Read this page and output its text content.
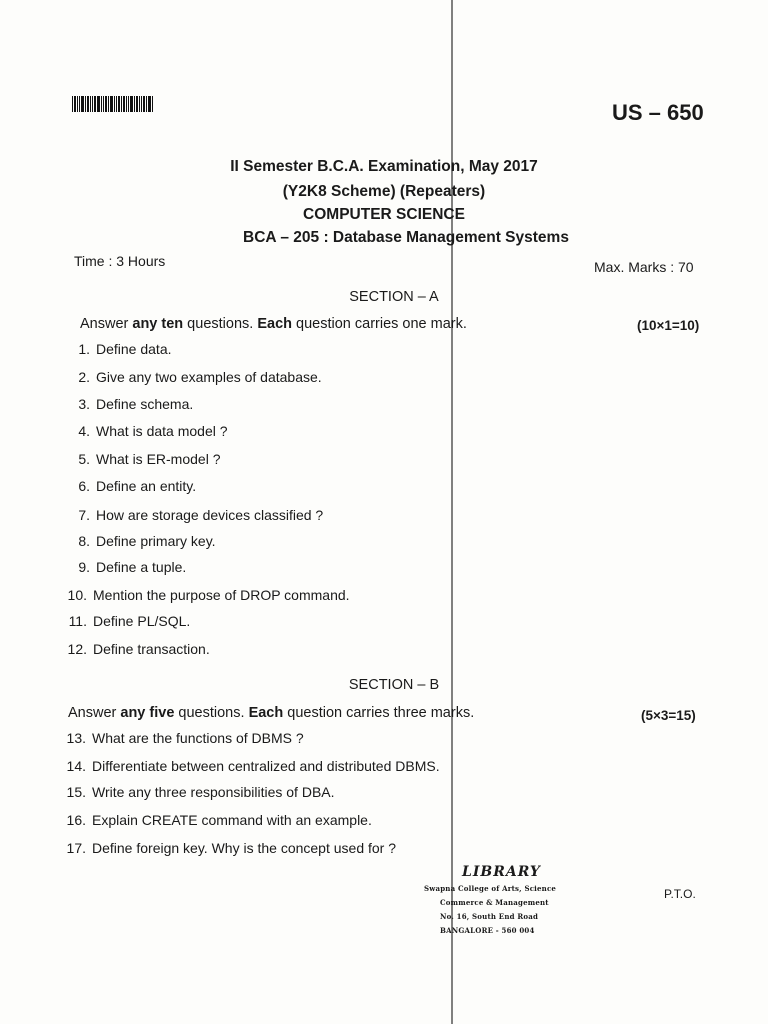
US – 650
II Semester B.C.A. Examination, May 2017
(Y2K8 Scheme) (Repeaters)
COMPUTER SCIENCE
BCA – 205 : Database Management Systems
Time : 3 Hours	Max. Marks : 70
SECTION – A
Answer any ten questions. Each question carries one mark.	(10×1=10)
1. Define data.
2. Give any two examples of database.
3. Define schema.
4. What is data model ?
5. What is ER-model ?
6. Define an entity.
7. How are storage devices classified ?
8. Define primary key.
9. Define a tuple.
10. Mention the purpose of DROP command.
11. Define PL/SQL.
12. Define transaction.
SECTION – B
Answer any five questions. Each question carries three marks.	(5×3=15)
13. What are the functions of DBMS ?
14. Differentiate between centralized and distributed DBMS.
15. Write any three responsibilities of DBA.
16. Explain CREATE command with an example.
17. Define foreign key. Why is the concept used for ?
LIBRARY
Swapna College of Arts, Science
Commerce & Management
No. 16, South End Road
BANGALORE - 560 004
P.T.O.
